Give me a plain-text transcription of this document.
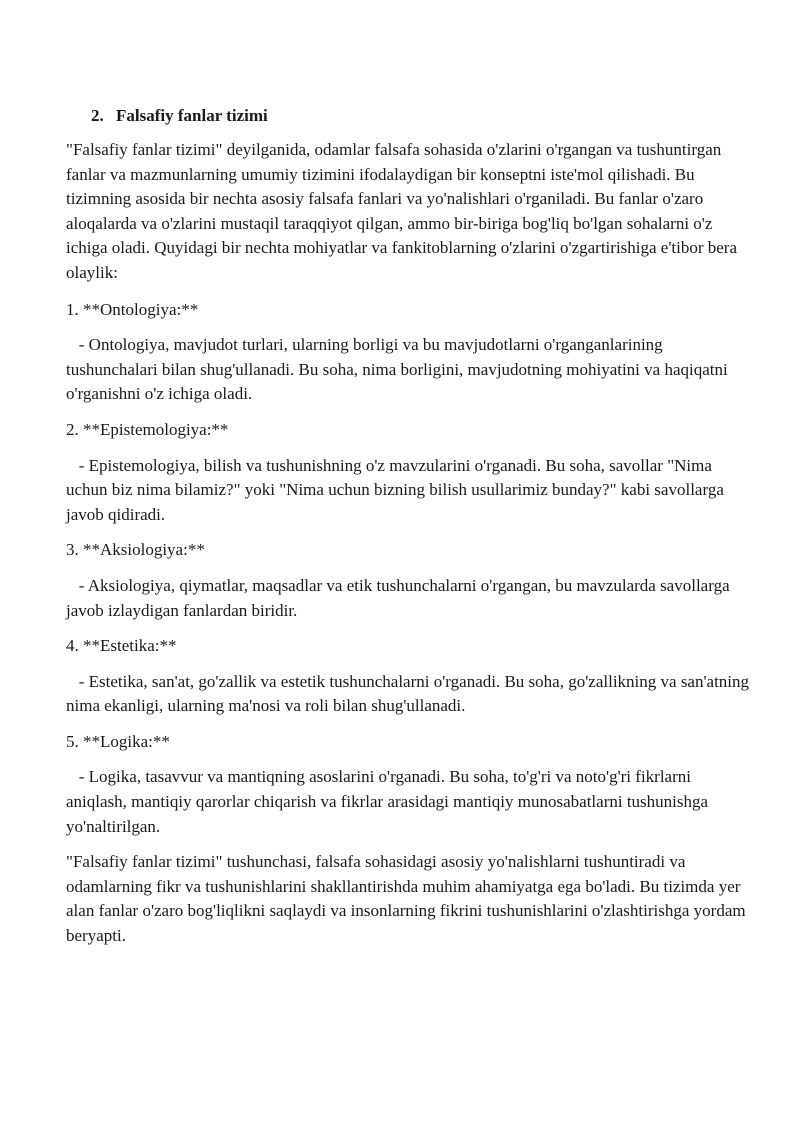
2. Falsafiy fanlar tizimi

"Falsafiy fanlar tizimi" deyilganida, odamlar falsafa sohasida o'zlarini o'rgangan va tushuntirgan fanlar va mazmunlarning umumiy tizimini ifodalaydigan bir konseptni iste'mol qilishadi. Bu tizimning asosida bir nechta asosiy falsafa fanlari va yo'nalishlari o'rganiladi. Bu fanlar o'zaro aloqalarda va o'zlarini mustaqil taraqqiyot qilgan, ammo bir-biriga bog'liq bo'lgan sohalarni o'z ichiga oladi. Quyidagi bir nechta mohiyatlar va fankitoblarning o'zlarini o'zgartirishiga e'tibor bera olaylik:

1. **Ontologiya:**

- Ontologiya, mavjudot turlari, ularning borligi va bu mavjudotlarni o'rganganlarining tushunchalari bilan shug'ullanadi. Bu soha, nima borligini, mavjudotning mohiyatini va haqiqatni o'rganishni o'z ichiga oladi.

2. **Epistemologiya:**

- Epistemologiya, bilish va tushunishning o'z mavzularini o'rganadi. Bu soha, savollar "Nima uchun biz nima bilamiz?" yoki "Nima uchun bizning bilish usullarimiz bunday?" kabi savollarga javob qidiradi.

3. **Aksiologiya:**

- Aksiologiya, qiymatlar, maqsadlar va etik tushunchalarni o'rgangan, bu mavzularda savollarga javob izlaydigan fanlardan biridir.

4. **Estetika:**

- Estetika, san'at, go'zallik va estetik tushunchalarni o'rganadi. Bu soha, go'zallikning va san'atning nima ekanligi, ularning ma'nosi va roli bilan shug'ullanadi.

5. **Logika:**

- Logika, tasavvur va mantiqning asoslarini o'rganadi. Bu soha, to'g'ri va noto'g'ri fikrlarni aniqlash, mantiqiy qarorlar chiqarish va fikrlar arasidagi mantiqiy munosabatlarni tushunishga yo'naltirilgan.

"Falsafiy fanlar tizimi" tushunchasi, falsafa sohasidagi asosiy yo'nalishlarni tushuntiradi va odamlarning fikr va tushunishlarini shakllantirishda muhim ahamiyatga ega bo'ladi. Bu tizimda yer alan fanlar o'zaro bog'liqlikni saqlaydi va insonlarning fikrini tushunishlarini o'zlashtirishga yordam beryapti.
